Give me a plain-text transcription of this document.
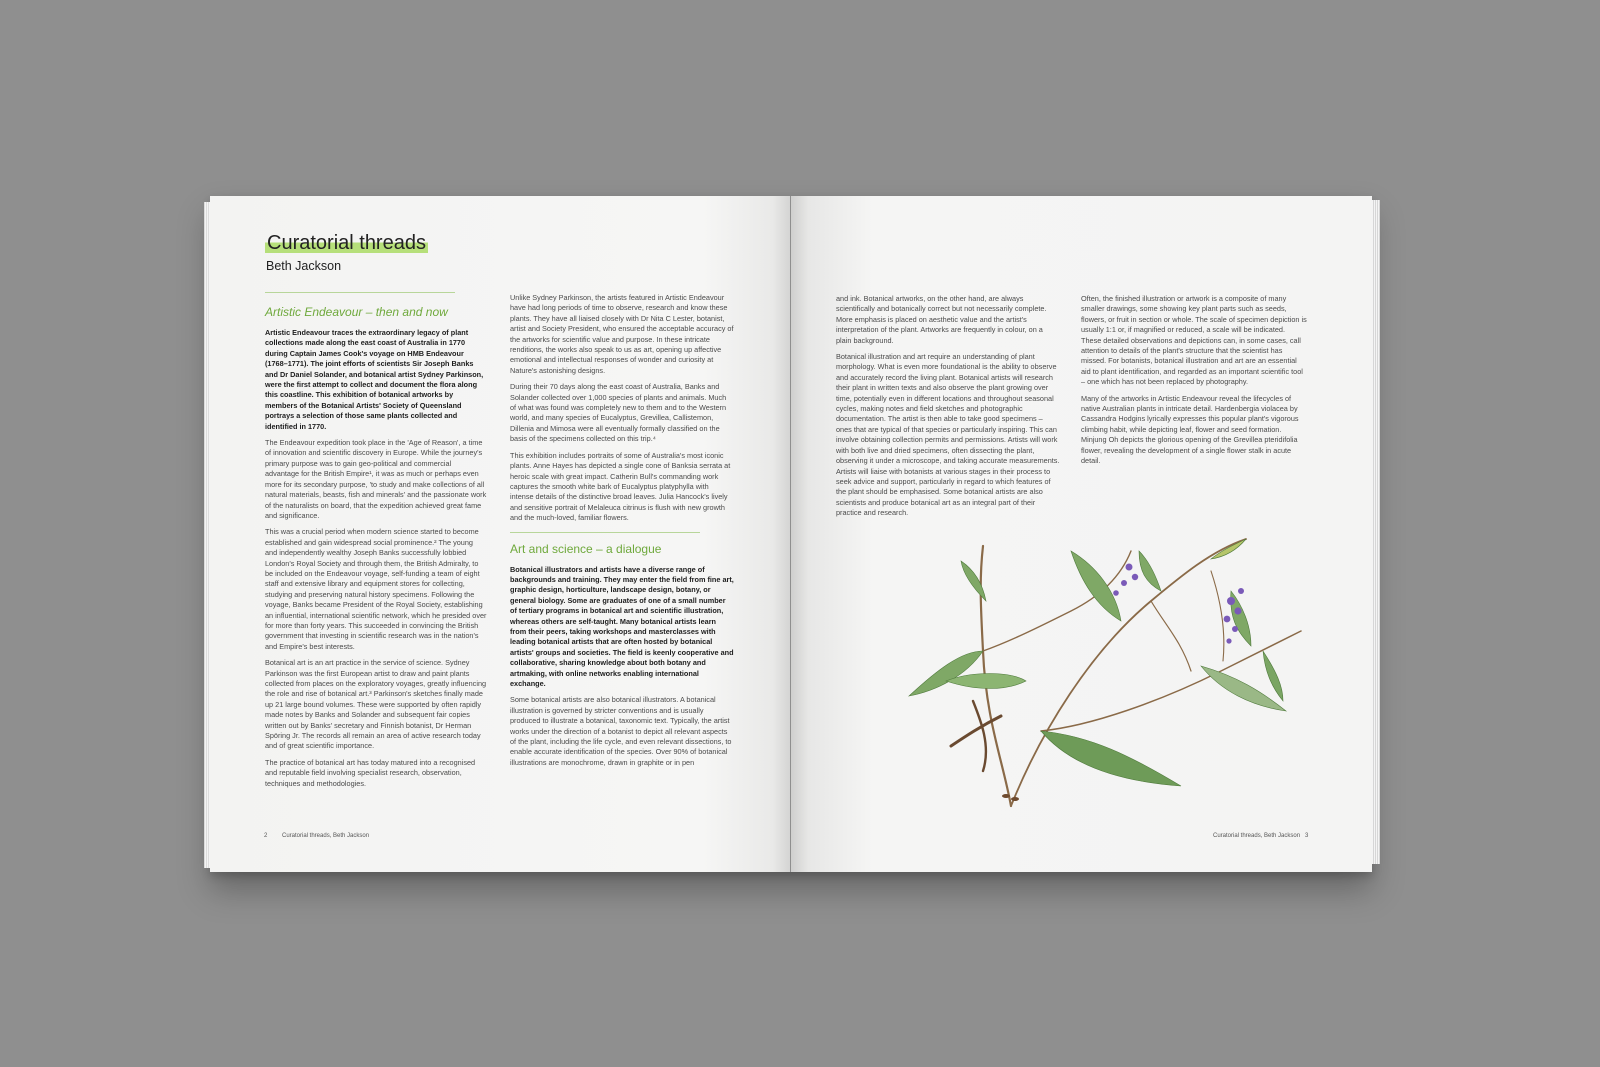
Curatorial threads
Beth Jackson
Artistic Endeavour – then and now

Artistic Endeavour traces the extraordinary legacy of plant collections made along the east coast of Australia in 1770 during Captain James Cook's voyage on HMB Endeavour (1768–1771). The joint efforts of scientists Sir Joseph Banks and Dr Daniel Solander, and botanical artist Sydney Parkinson, were the first attempt to collect and document the flora along this coastline. This exhibition of botanical artworks by members of the Botanical Artists' Society of Queensland portrays a selection of those same plants collected and identified in 1770.

The Endeavour expedition took place in the 'Age of Reason', a time of innovation and scientific discovery in Europe. While the journey's primary purpose was to gain geo-political and commercial advantage for the British Empire¹, it was as much or perhaps even more for its secondary purpose, 'to study and make collections of all natural materials, beasts, fish and minerals' and the passionate work of the naturalists on board, that the expedition achieved great fame and significance.

This was a crucial period when modern science started to become established and gain widespread social prominence.² The young and independently wealthy Joseph Banks successfully lobbied London's Royal Society and through them, the British Admiralty, to be included on the Endeavour voyage, self-funding a team of eight staff and extensive library and equipment stores for collecting, studying and preserving natural history specimens. Following the voyage, Banks became President of the Royal Society, establishing an influential, international scientific network, which he presided over for more than forty years. This succeeded in convincing the British government that investing in scientific research was in the nation's and Empire's best interests.

Botanical art is an art practice in the service of science. Sydney Parkinson was the first European artist to draw and paint plants collected from places on the exploratory voyages, greatly influencing the role and rise of botanical art.³ Parkinson's sketches finally made up 21 large bound volumes. These were supported by often rapidly made notes by Banks and Solander and subsequent fair copies written out by Banks' secretary and Finnish botanist, Dr Herman Spöring Jr. The records all remain an area of active research today and of great scientific importance.

The practice of botanical art has today matured into a recognised and reputable field involving specialist research, observation, techniques and methodologies.

Unlike Sydney Parkinson, the artists featured in Artistic Endeavour have had long periods of time to observe, research and know these plants. They have all liaised closely with Dr Nita C Lester, botanist, artist and Society President, who ensured the acceptable accuracy of the artworks for scientific value and purpose. In these intricate renditions, the works also speak to us as art, opening up affective emotional and intellectual responses of wonder and curiosity at Nature's astonishing designs.

During their 70 days along the east coast of Australia, Banks and Solander collected over 1,000 species of plants and animals. Much of what was found was completely new to them and to the Western world, and many species of Eucalyptus, Grevillea, Callistemon, Dillenia and Mimosa were all eventually formally classified on the basis of the specimens collected on this trip.⁴

This exhibition includes portraits of some of Australia's most iconic plants. Anne Hayes has depicted a single cone of Banksia serrata at heroic scale with great impact. Catherin Bull's commanding work captures the smooth white bark of Eucalyptus platyphylla with intense details of the distinctive broad leaves. Julia Hancock's lively and sensitive portrait of Melaleuca citrinus is flush with new growth and the much-loved, familiar flowers.

Art and science – a dialogue

Botanical illustrators and artists have a diverse range of backgrounds and training. They may enter the field from fine art, graphic design, horticulture, landscape design, botany, or general biology. Some are graduates of one of a small number of tertiary programs in botanical art and scientific illustration, whereas others are self-taught. Many botanical artists learn from their peers, taking workshops and masterclasses with leading botanical artists that are often hosted by botanical artists' groups and societies. The field is keenly cooperative and collaborative, sharing knowledge about both botany and artmaking, with online networks enabling international exchange.

Some botanical artists are also botanical illustrators. A botanical illustration is governed by stricter conventions and is usually produced to illustrate a botanical, taxonomic text. Typically, the artist works under the direction of a botanist to depict all relevant aspects of the plant, including the life cycle, and even relevant dissections, to enable accurate identification of the species. Over 90% of botanical illustrations are monochrome, drawn in graphite or in pen

2 Curatorial threads, Beth Jackson

and ink. Botanical artworks, on the other hand, are always scientifically and botanically correct but not necessarily complete. More emphasis is placed on aesthetic value and the artist's interpretation of the plant. Artworks are frequently in colour, on a plain background.

Botanical illustration and art require an understanding of plant morphology. What is even more foundational is the ability to observe and accurately record the living plant. Botanical artists will research their plant in written texts and also observe the plant growing over time, potentially even in different locations and throughout seasonal cycles, making notes and field sketches and photographic documentation. The artist is then able to take good specimens – ones that are typical of that species or particularly inspiring. This can involve obtaining collection permits and permissions. Artists will work with both live and dried specimens, often dissecting the plant, observing it under a microscope, and taking accurate measurements. Artists will liaise with botanists at various stages in their process to seek advice and support, particularly in regard to which features of the plant should be emphasised. Some botanical artists are also scientists and produce botanical art as an integral part of their practice and research.

Often, the finished illustration or artwork is a composite of many smaller drawings, some showing key plant parts such as seeds, flowers, or fruit in section or whole. The scale of specimen depiction is usually 1:1 or, if magnified or reduced, a scale will be indicated. These detailed observations and depictions can, in some cases, call attention to details of the plant's structure that the scientist has missed. For botanists, botanical illustration and art are an essential aid to plant identification, and regarded as an important scientific tool – one which has not been replaced by photography.

Many of the artworks in Artistic Endeavour reveal the lifecycles of native Australian plants in intricate detail. Hardenbergia violacea by Cassandra Hodgins lyrically expresses this popular plant's vigorous climbing habit, while depicting leaf, flower and seed formation. Minjung Oh depicts the glorious opening of the Grevillea pteridifolia flower, revealing the development of a single flower stalk in acute detail.

Curatorial threads, Beth Jackson 3
